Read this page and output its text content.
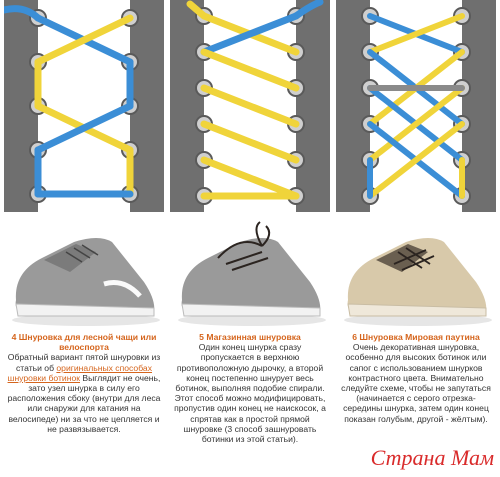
4 Шнуровка для лесной чащи или велоспорта
Обратный вариант пятой шнуровки из статьи об оригинальных способах шнуровки ботинок Выглядит не очень, зато узел шнурка в силу его расположения сбоку (внутри для леса или снаружи для катания на велосипеде) ни за что не цепляется и не развязывается.
5 Магазинная шнуровка
Один конец шнурка сразу пропускается в верхнюю противоположную дырочку, а второй конец постепенно шнурует весь ботинок, выполняя подобие спирали. Этот способ можно модифицировать, пропустив один конец не наискосок, а спрятав как в простой прямой шнуровке (3 способ зашнуровать ботинки из этой статьи).
6 Шнуровка Мировая паутина
Очень декоративная шнуровка, особенно для высоких ботинок или сапог с использованием шнурков контрастного цвета. Внимательно следуйте схеме, чтобы не запутаться (начинается с серого отрезка-середины шнурка, затем один конец показан голубым, другой - жёлтым).
Страна Мам
